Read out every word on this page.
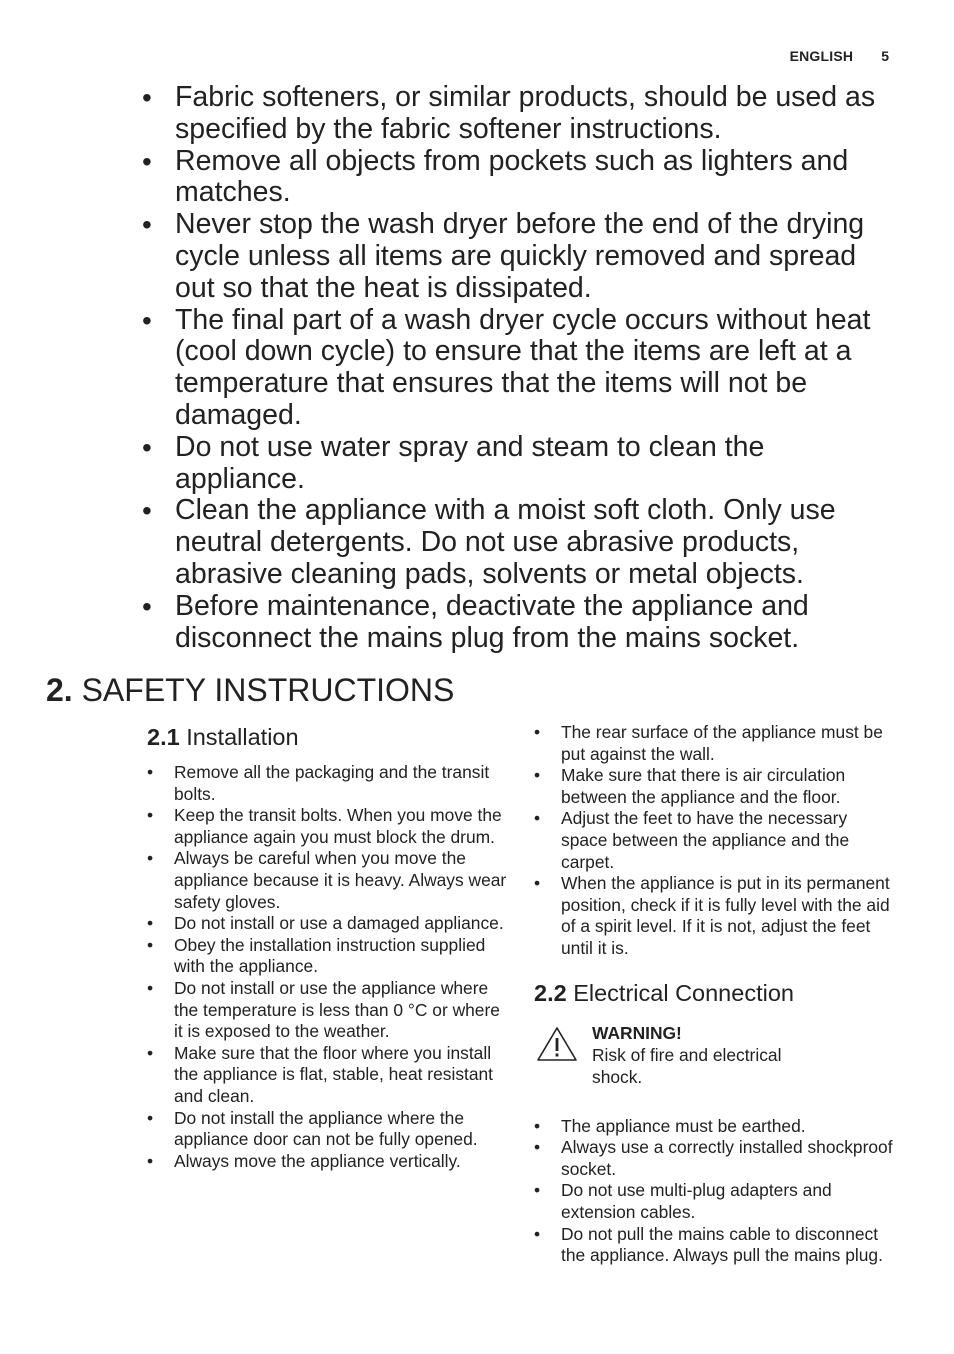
ENGLISH 5
• Fabric softeners, or similar products, should be used as specified by the fabric softener instructions.
• Remove all objects from pockets such as lighters and matches.
• Never stop the wash dryer before the end of the drying cycle unless all items are quickly removed and spread out so that the heat is dissipated.
• The final part of a wash dryer cycle occurs without heat (cool down cycle) to ensure that the items are left at a temperature that ensures that the items will not be damaged.
• Do not use water spray and steam to clean the appliance.
• Clean the appliance with a moist soft cloth. Only use neutral detergents. Do not use abrasive products, abrasive cleaning pads, solvents or metal objects.
• Before maintenance, deactivate the appliance and disconnect the mains plug from the mains socket.
2. SAFETY INSTRUCTIONS
2.1 Installation
• Remove all the packaging and the transit bolts.
• Keep the transit bolts. When you move the appliance again you must block the drum.
• Always be careful when you move the appliance because it is heavy. Always wear safety gloves.
• Do not install or use a damaged appliance.
• Obey the installation instruction supplied with the appliance.
• Do not install or use the appliance where the temperature is less than 0 °C or where it is exposed to the weather.
• Make sure that the floor where you install the appliance is flat, stable, heat resistant and clean.
• Do not install the appliance where the appliance door can not be fully opened.
• Always move the appliance vertically.
• The rear surface of the appliance must be put against the wall.
• Make sure that there is air circulation between the appliance and the floor.
• Adjust the feet to have the necessary space between the appliance and the carpet.
• When the appliance is put in its permanent position, check if it is fully level with the aid of a spirit level. If it is not, adjust the feet until it is.
2.2 Electrical Connection
WARNING!
Risk of fire and electrical shock.
• The appliance must be earthed.
• Always use a correctly installed shockproof socket.
• Do not use multi-plug adapters and extension cables.
• Do not pull the mains cable to disconnect the appliance. Always pull the mains plug.
